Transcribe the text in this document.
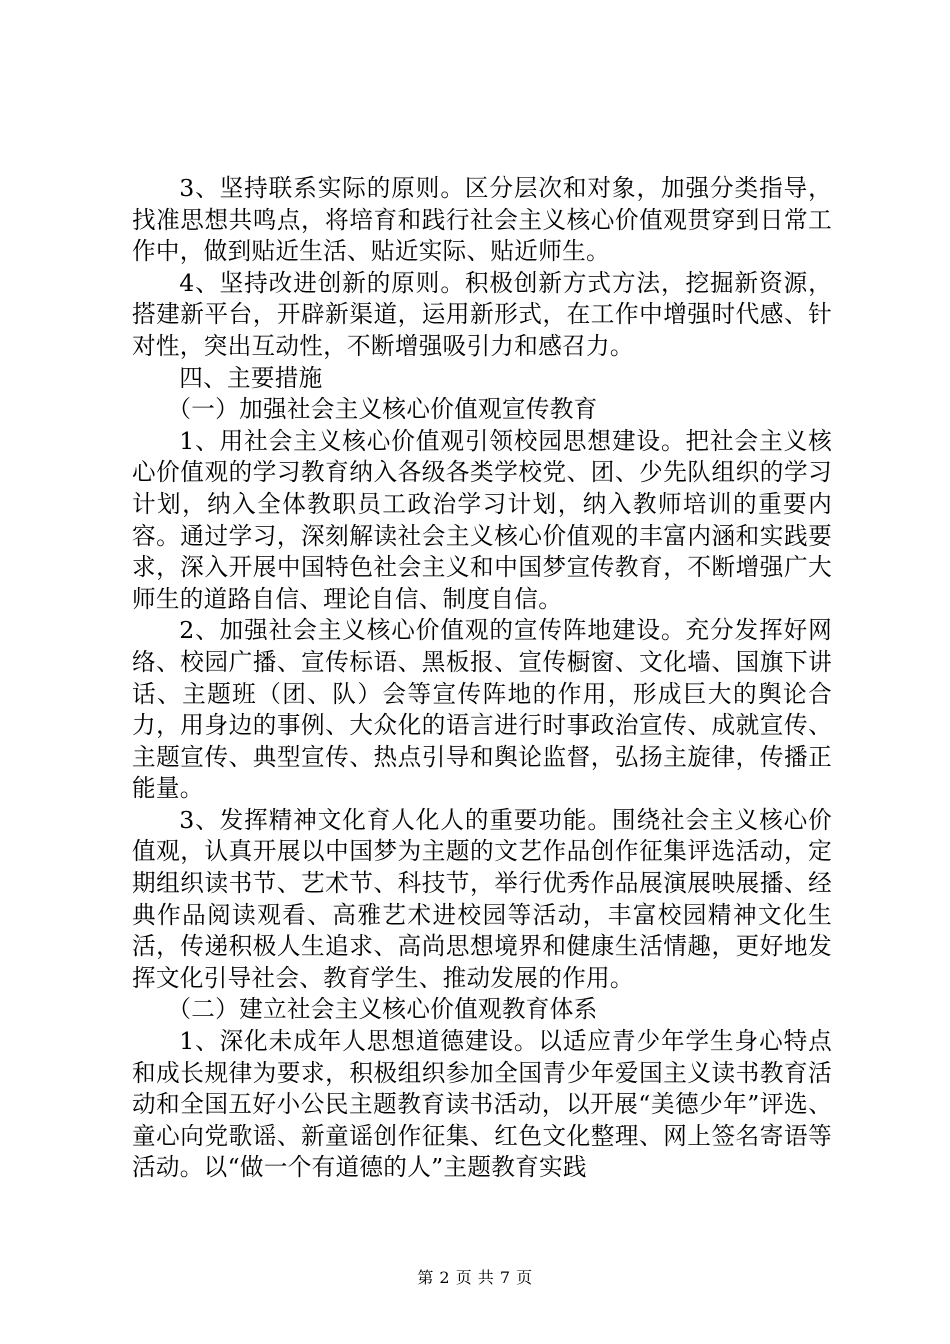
3、坚持联系实际的原则。区分层次和对象，加强分类指导，找准思想共鸣点，将培育和践行社会主义核心价值观贯穿到日常工作中，做到贴近生活、贴近实际、贴近师生。

4、坚持改进创新的原则。积极创新方式方法，挖掘新资源，搭建新平台，开辟新渠道，运用新形式，在工作中增强时代感、针对性，突出互动性，不断增强吸引力和感召力。

四、主要措施

（一）加强社会主义核心价值观宣传教育

1、用社会主义核心价值观引领校园思想建设。把社会主义核心价值观的学习教育纳入各级各类学校党、团、少先队组织的学习计划，纳入全体教职员工政治学习计划，纳入教师培训的重要内容。通过学习，深刻解读社会主义核心价值观的丰富内涵和实践要求，深入开展中国特色社会主义和中国梦宣传教育，不断增强广大师生的道路自信、理论自信、制度自信。

2、加强社会主义核心价值观的宣传阵地建设。充分发挥好网络、校园广播、宣传标语、黑板报、宣传橱窗、文化墙、国旗下讲话、主题班（团、队）会等宣传阵地的作用，形成巨大的舆论合力，用身边的事例、大众化的语言进行时事政治宣传、成就宣传、主题宣传、典型宣传、热点引导和舆论监督，弘扬主旋律，传播正能量。

3、发挥精神文化育人化人的重要功能。围绕社会主义核心价值观，认真开展以中国梦为主题的文艺作品创作征集评选活动，定期组织读书节、艺术节、科技节，举行优秀作品展演展映展播、经典作品阅读观看、高雅艺术进校园等活动，丰富校园精神文化生活，传递积极人生追求、高尚思想境界和健康生活情趣，更好地发挥文化引导社会、教育学生、推动发展的作用。

（二）建立社会主义核心价值观教育体系

1、深化未成年人思想道德建设。以适应青少年学生身心特点和成长规律为要求，积极组织参加全国青少年爱国主义读书教育活动和全国五好小公民主题教育读书活动，以开展“美德少年”评选、童心向党歌谣、新童谣创作征集、红色文化整理、网上签名寄语等活动。以“做一个有道德的人”主题教育实践

第 2 页 共 7 页
